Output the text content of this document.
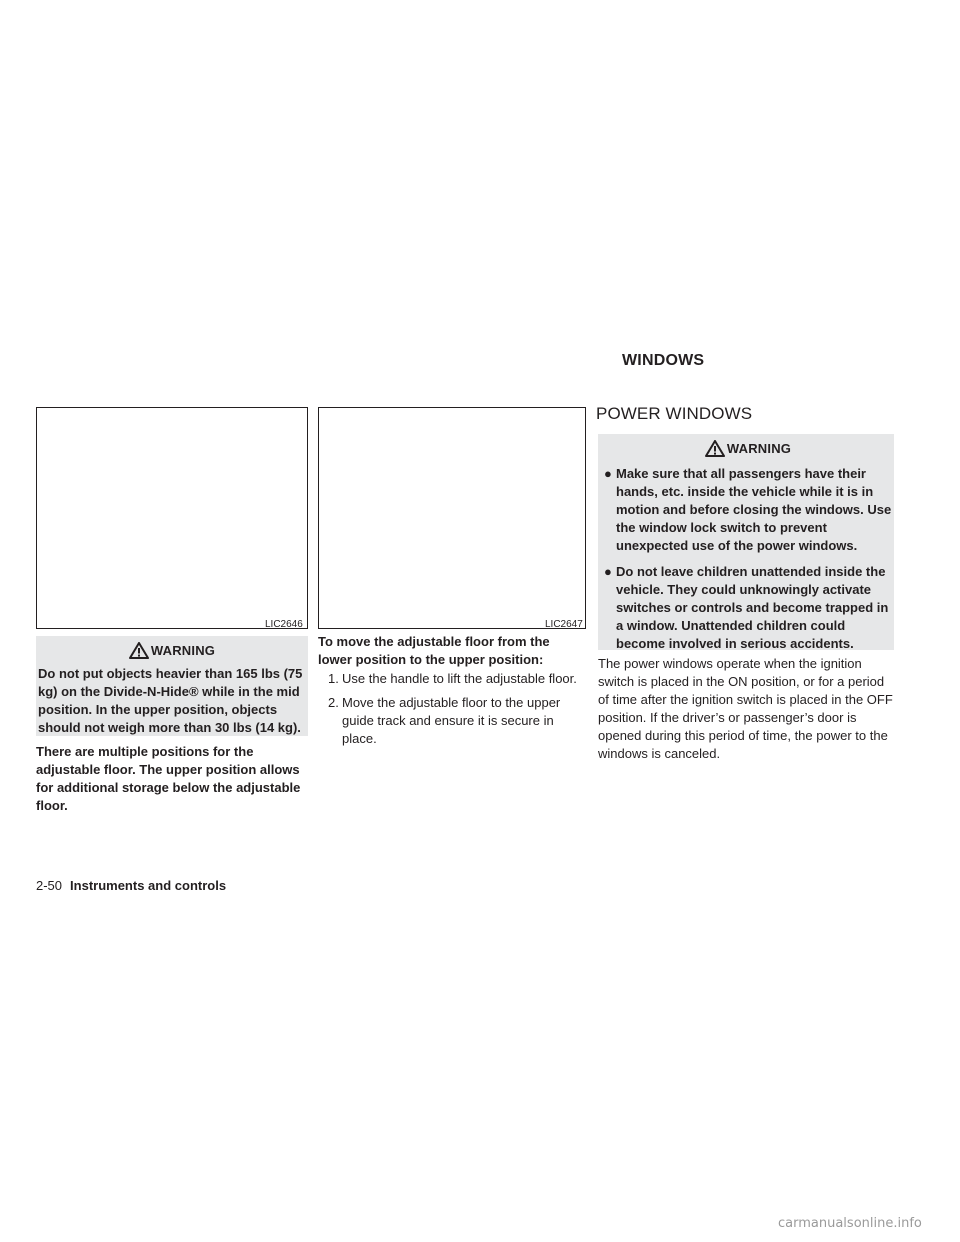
WINDOWS
LIC2646
WARNING
Do not put objects heavier than 165 lbs (75 kg) on the Divide-N-Hide® while in the mid position. In the upper position, objects should not weigh more than 30 lbs (14 kg).
There are multiple positions for the adjustable floor. The upper position allows for additional storage below the adjustable floor.
LIC2647
To move the adjustable floor from the lower position to the upper position:
1. Use the handle to lift the adjustable floor.
2. Move the adjustable floor to the upper guide track and ensure it is secure in place.
POWER WINDOWS
WARNING
● Make sure that all passengers have their hands, etc. inside the vehicle while it is in motion and before closing the windows. Use the window lock switch to prevent unexpected use of the power windows.
● Do not leave children unattended inside the vehicle. They could unknowingly activate switches or controls and become trapped in a window. Unattended children could become involved in serious accidents.
The power windows operate when the ignition switch is placed in the ON position, or for a period of time after the ignition switch is placed in the OFF position. If the driver’s or passenger’s door is opened during this period of time, the power to the windows is canceled.
2-50 Instruments and controls
carmanualsonline.info
